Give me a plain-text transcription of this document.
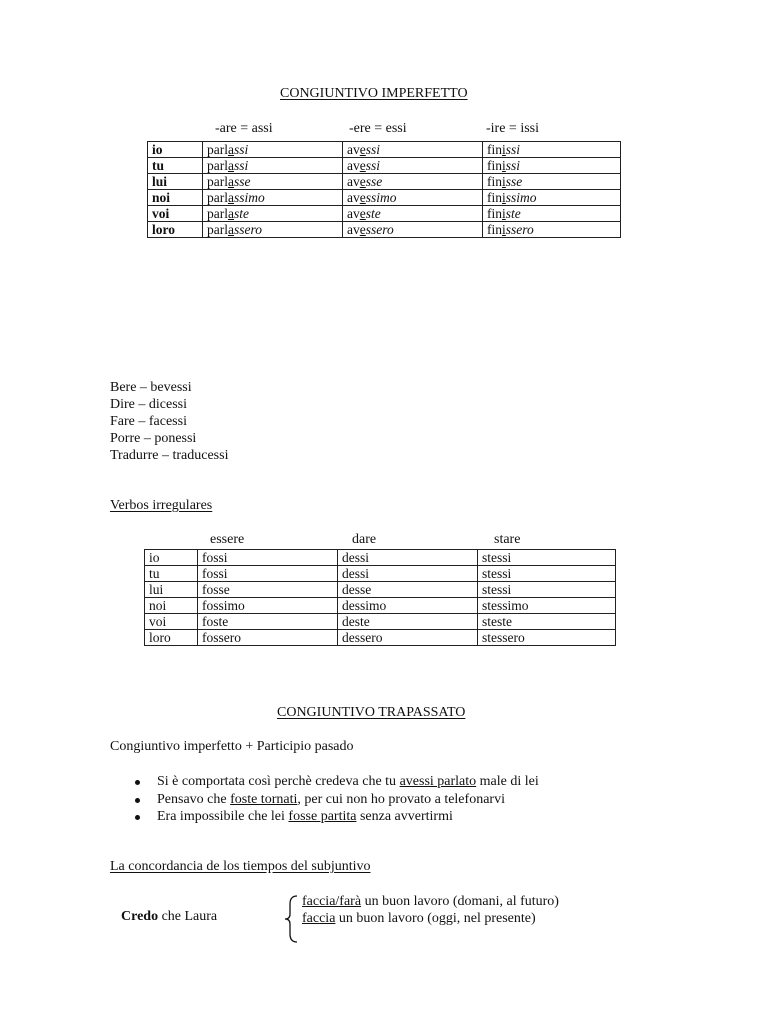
CONGIUNTIVO IMPERFETTO
-are = assi	-ere = essi	-ire = issi
io	parlassi	avessi	finissi
tu	parlassi	avessi	finissi
lui	parlasse	avesse	finisse
noi	parlassimo	avessimo	finissimo
voi	parlaste	aveste	finiste
loro	parlassero	avessero	finissero
Bere – bevessi
Dire – dicessi
Fare – facessi
Porre – ponessi
Tradurre – traducessi
Verbos irregulares
essere	dare	stare
io	fossi	dessi	stessi
tu	fossi	dessi	stessi
lui	fosse	desse	stessi
noi	fossimo	dessimo	stessimo
voi	foste	deste	steste
loro	fossero	dessero	stessero
CONGIUNTIVO TRAPASSATO
Congiuntivo imperfetto + Participio pasado
Si è comportata così perchè credeva che tu avessi parlato male di lei
Pensavo che foste tornati, per cui non ho provato a telefonarvi
Era impossibile che lei fosse partita senza avvertirmi
La concordancia de los tiempos del subjuntivo
Credo che Laura
faccia/farà un buon lavoro (domani, al futuro)
faccia un buon lavoro (oggi, nel presente)
